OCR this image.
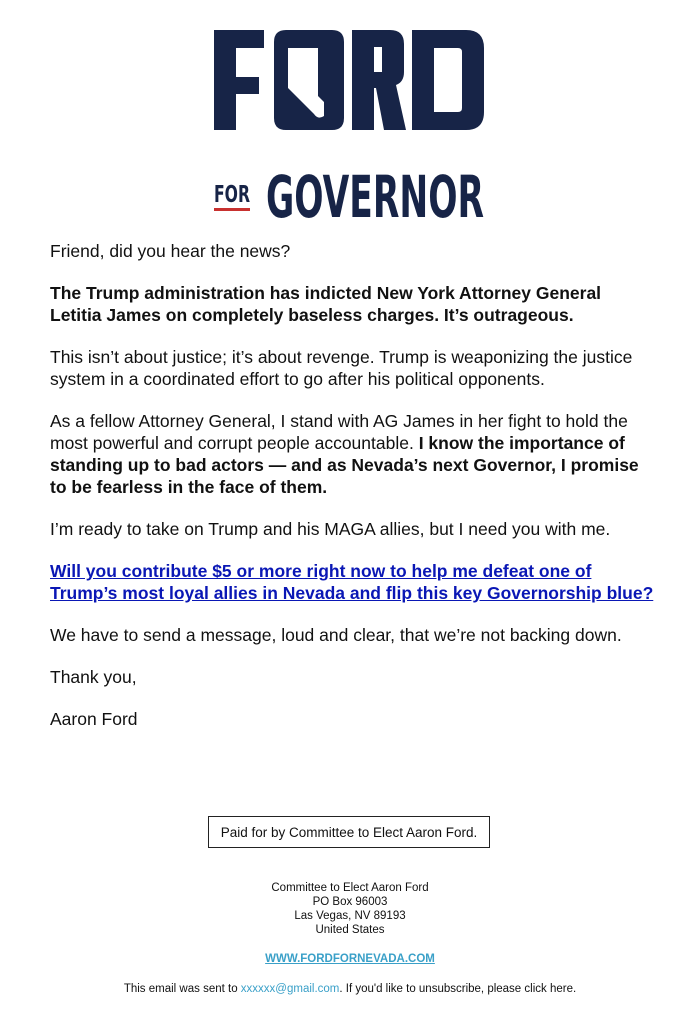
FOR GOVERNOR

Friend, did you hear the news?

The Trump administration has indicted New York Attorney General Letitia James on completely baseless charges. It’s outrageous.

This isn’t about justice; it’s about revenge. Trump is weaponizing the justice system in a coordinated effort to go after his political opponents.

As a fellow Attorney General, I stand with AG James in her fight to hold the most powerful and corrupt people accountable. I know the importance of standing up to bad actors — and as Nevada’s next Governor, I promise to be fearless in the face of them.

I’m ready to take on Trump and his MAGA allies, but I need you with me.

Will you contribute $5 or more right now to help me defeat one of Trump’s most loyal allies in Nevada and flip this key Governorship blue?

We have to send a message, loud and clear, that we’re not backing down.

Thank you,

Aaron Ford

Paid for by Committee to Elect Aaron Ford.
Committee to Elect Aaron Ford
PO Box 96003
Las Vegas, NV 89193
United States
WWW.FORDFORNEVADA.COM
This email was sent to xxxxxx@gmail.com. If you'd like to unsubscribe, please click here.
